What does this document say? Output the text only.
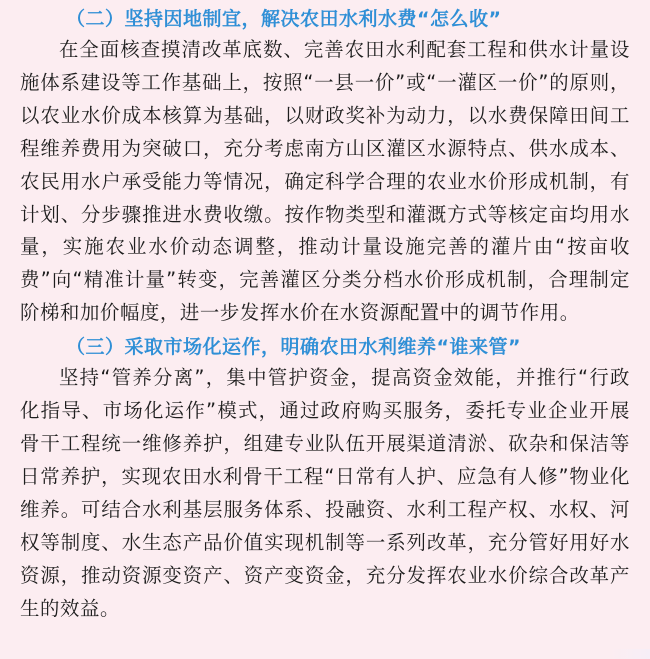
（二）坚持因地制宜，解决农田水利水费“怎么收”

在全面核查摸清改革底数、完善农田水利配套工程和供水计量设施体系建设等工作基础上，按照“一县一价”或“一灌区一价”的原则，以农业水价成本核算为基础，以财政奖补为动力，以水费保障田间工程维养费用为突破口，充分考虑南方山区灌区水源特点、供水成本、农民用水户承受能力等情况，确定科学合理的农业水价形成机制，有计划、分步骤推进水费收缴。按作物类型和灌溉方式等核定亩均用水量，实施农业水价动态调整，推动计量设施完善的灌片由“按亩收费”向“精准计量”转变，完善灌区分类分档水价形成机制，合理制定阶梯和加价幅度，进一步发挥水价在水资源配置中的调节作用。

（三）采取市场化运作，明确农田水利维养“谁来管”

坚持“管养分离”，集中管护资金，提高资金效能，并推行“行政化指导、市场化运作”模式，通过政府购买服务，委托专业企业开展骨干工程统一维修养护，组建专业队伍开展渠道清淤、砍杂和保洁等日常养护，实现农田水利骨干工程“日常有人护、应急有人修”物业化维养。可结合水利基层服务体系、投融资、水利工程产权、水权、河权等制度、水生态产品价值实现机制等一系列改革，充分管好用好水资源，推动资源变资产、资产变资金，充分发挥农业水价综合改革产生的效益。
